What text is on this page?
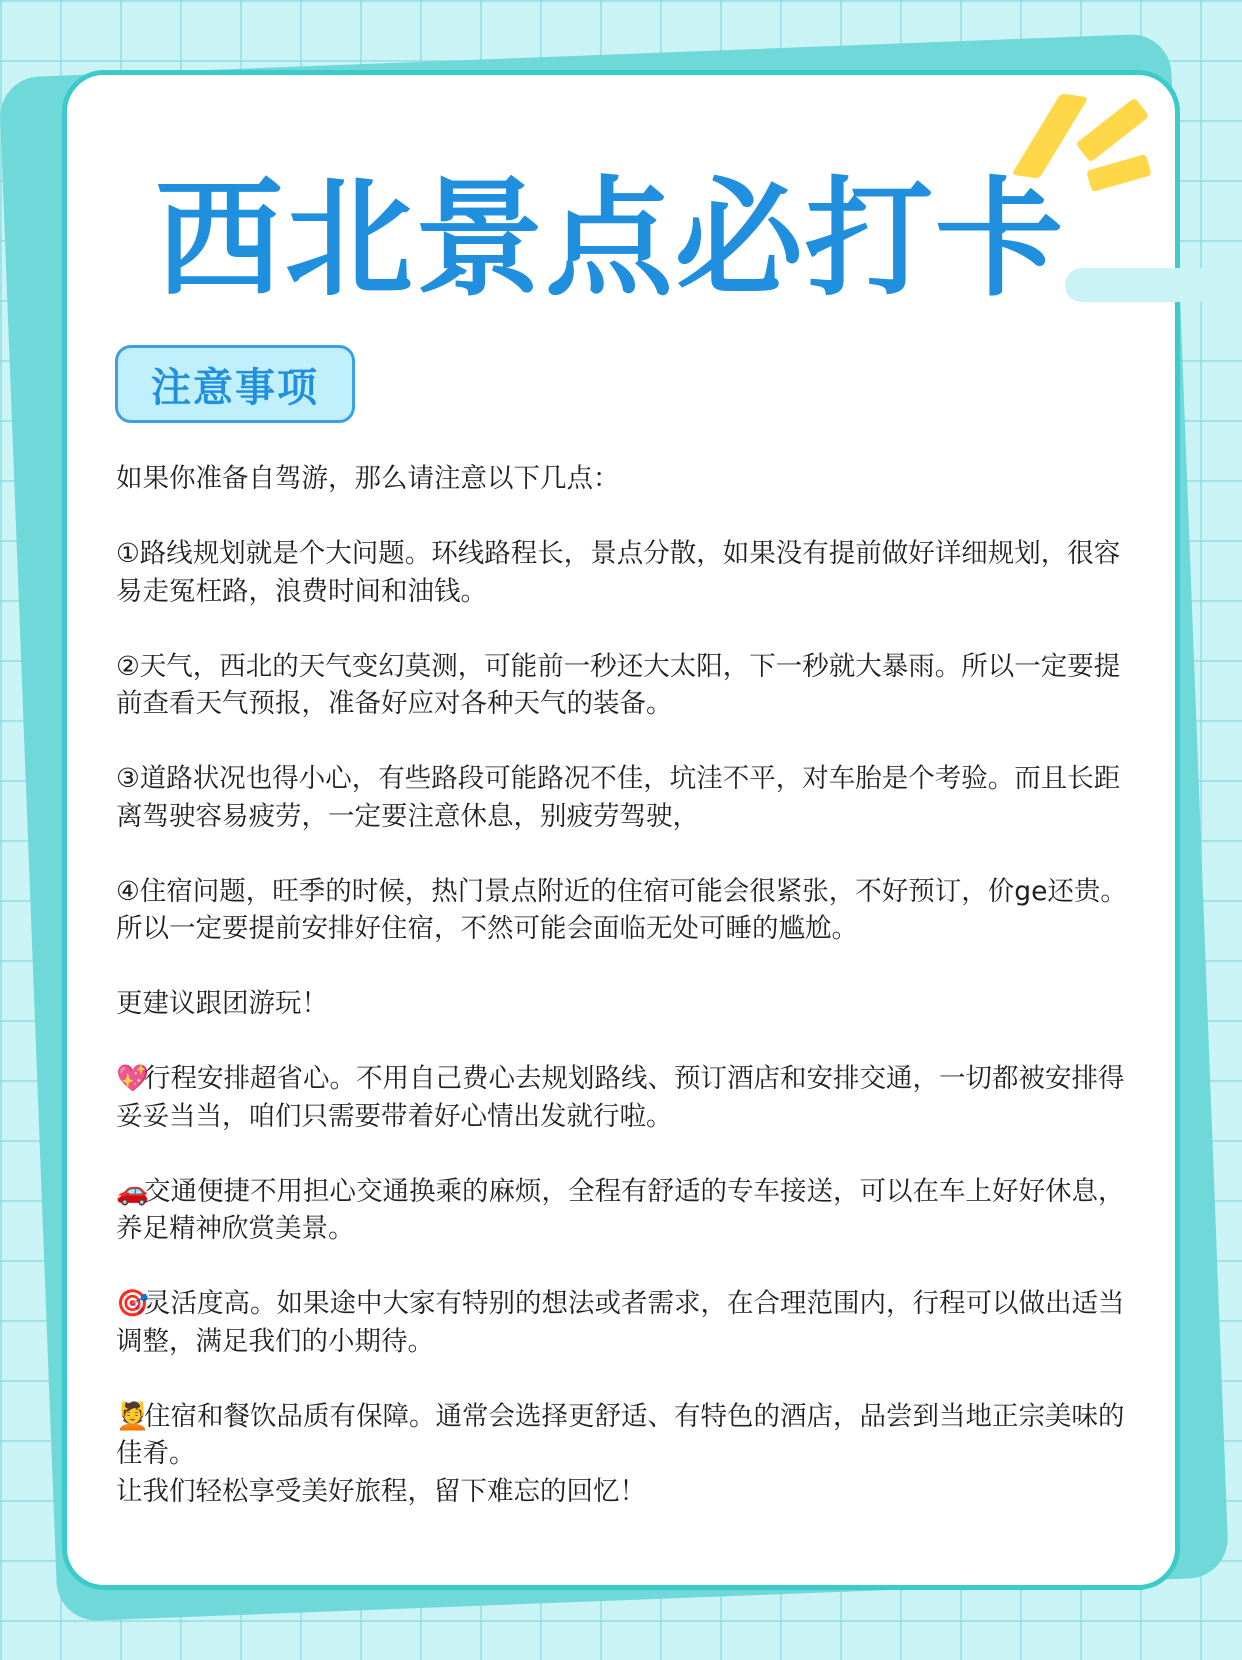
西北景点必打卡
注意事项

如果你准备自驾游，那么请注意以下几点：

①路线规划就是个大问题。环线路程长，景点分散，如果没有提前做好详细规划，很容易走冤枉路，浪费时间和油钱。

②天气，西北的天气变幻莫测，可能前一秒还大太阳，下一秒就大暴雨。所以一定要提前查看天气预报，准备好应对各种天气的装备。

③道路状况也得小心，有些路段可能路况不佳，坑洼不平，对车胎是个考验。而且长距离驾驶容易疲劳，一定要注意休息，别疲劳驾驶，

④住宿问题，旺季的时候，热门景点附近的住宿可能会很紧张，不好预订，价ge还贵。所以一定要提前安排好住宿，不然可能会面临无处可睡的尴尬。

更建议跟团游玩！

💖行程安排超省心。不用自己费心去规划路线、预订酒店和安排交通，一切都被安排得妥妥当当，咱们只需要带着好心情出发就行啦。

🚗交通便捷不用担心交通换乘的麻烦，全程有舒适的专车接送，可以在车上好好休息，养足精神欣赏美景。

🎯灵活度高。如果途中大家有特别的想法或者需求，在合理范围内，行程可以做出适当调整，满足我们的小期待。

💆住宿和餐饮品质有保障。通常会选择更舒适、有特色的酒店，品尝到当地正宗美味的佳肴。

让我们轻松享受美好旅程，留下难忘的回忆！
